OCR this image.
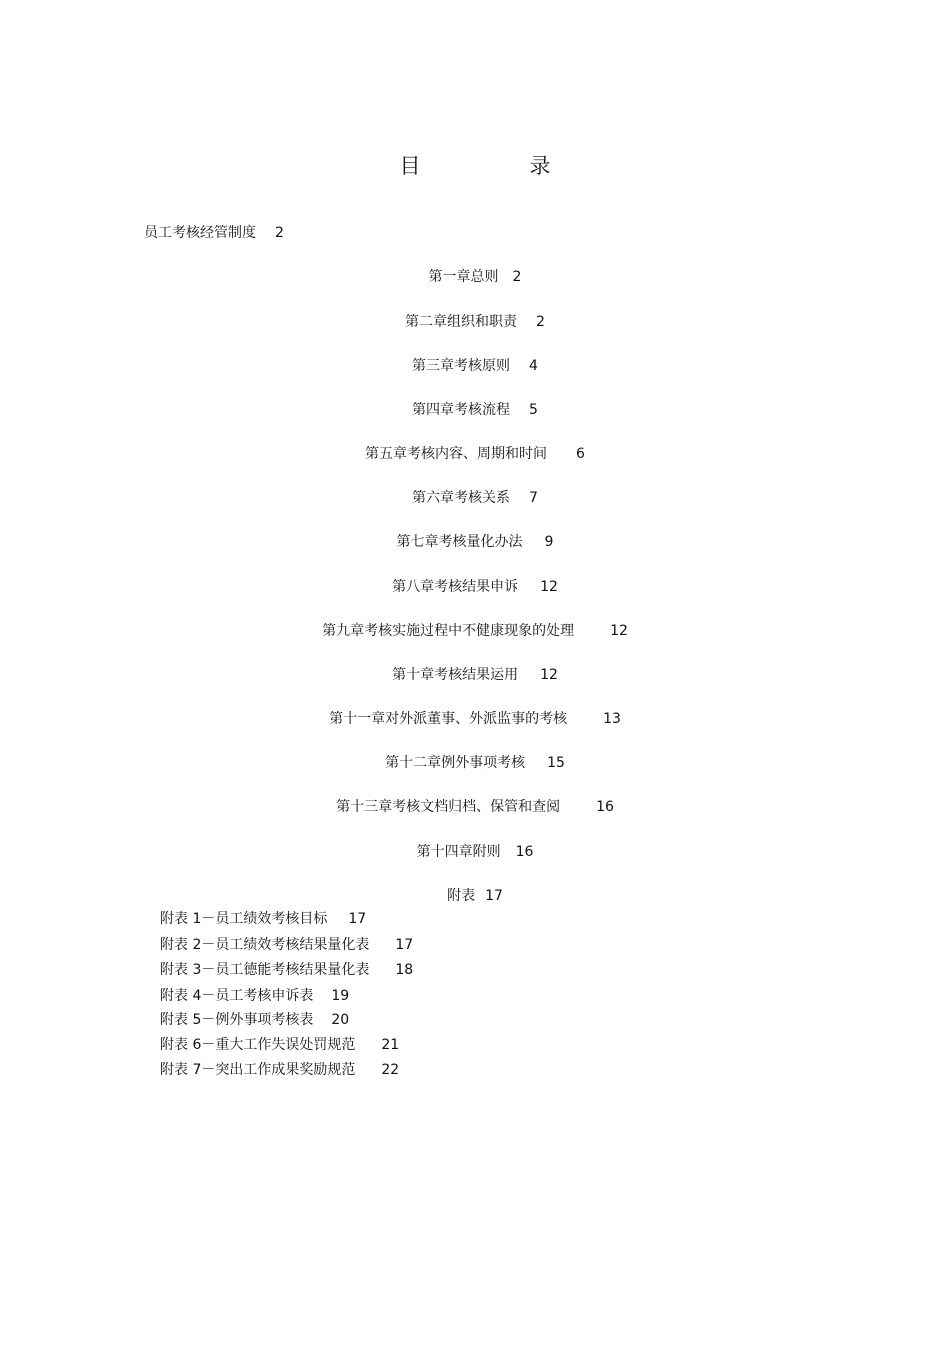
目　录
员工考核经管制度 2
第一章总则 2
第二章组织和职责 2
第三章考核原则 4
第四章考核流程 5
第五章考核内容、周期和时间 6
第六章考核关系 7
第七章考核量化办法 9
第八章考核结果申诉 12
第九章考核实施过程中不健康现象的处理	12
第十章考核结果运用 12
第十一章对外派董事、外派监事的考核	13
第十二章例外事项考核 15
第十三章考核文档归档、保管和查阅	16
第十四章附则 16
附表 17
附表 1－员工绩效考核目标 17
附表 2－员工绩效考核结果量化表 17
附表 3－员工德能考核结果量化表 18
附表 4－员工考核申诉表 19
附表 5－例外事项考核表 20
附表 6－重大工作失误处罚规范 21
附表 7－突出工作成果奖励规范 22
